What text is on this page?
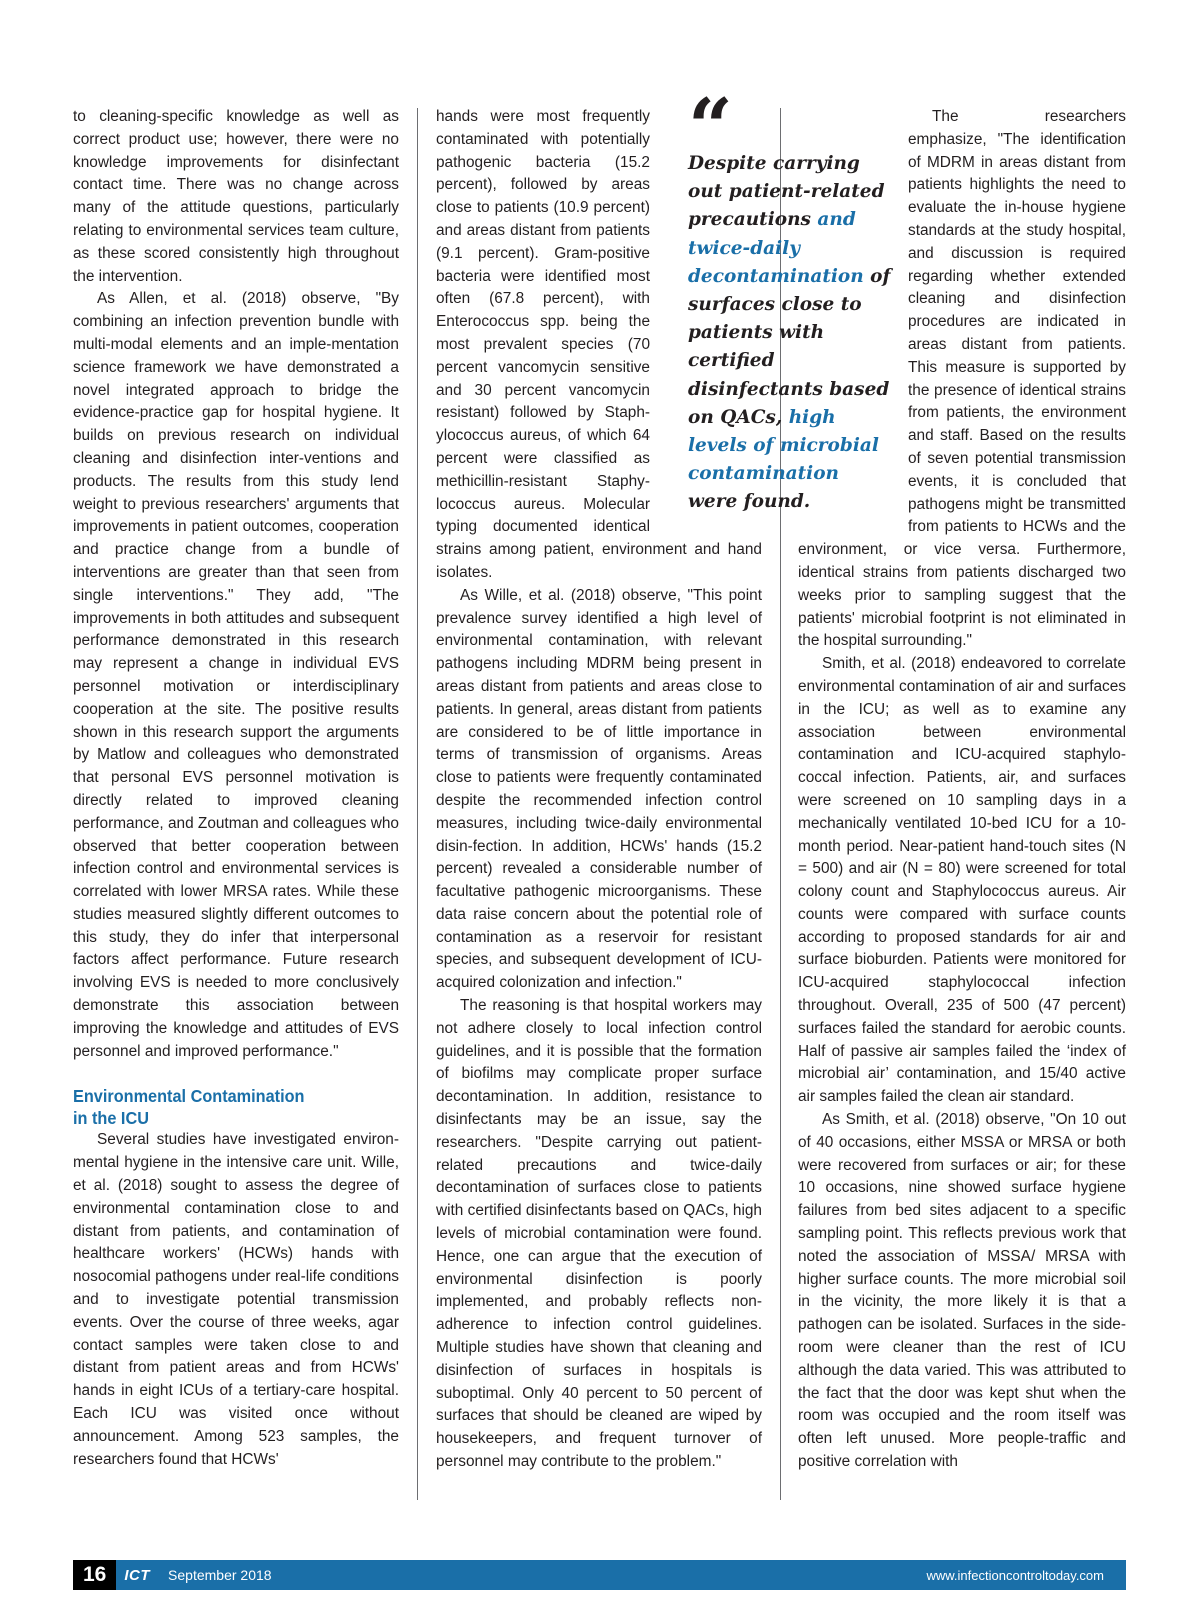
to cleaning-specific knowledge as well as correct product use; however, there were no knowledge improvements for disinfectant contact time. There was no change across many of the attitude questions, particularly relating to environmental services team culture, as these scored consistently high throughout the intervention.

As Allen, et al. (2018) observe, "By combining an infection prevention bundle with multi-modal elements and an imple-mentation science framework we have demonstrated a novel integrated approach to bridge the evidence-practice gap for hospital hygiene. It builds on previous research on individual cleaning and disinfection inter-ventions and products. The results from this study lend weight to previous researchers' arguments that improvements in patient outcomes, cooperation and practice change from a bundle of interventions are greater than that seen from single interventions." They add, "The improvements in both attitudes and subsequent performance demonstrated in this research may represent a change in individual EVS personnel motivation or interdisciplinary cooperation at the site. The positive results shown in this research support the arguments by Matlow and colleagues who demonstrated that personal EVS personnel motivation is directly related to improved cleaning performance, and Zoutman and colleagues who observed that better cooperation between infection control and environmental services is correlated with lower MRSA rates. While these studies measured slightly different outcomes to this study, they do infer that interpersonal factors affect performance. Future research involving EVS is needed to more conclusively demonstrate this association between improving the knowledge and attitudes of EVS personnel and improved performance."

Environmental Contamination
in the ICU

Several studies have investigated environ-mental hygiene in the intensive care unit. Wille, et al. (2018) sought to assess the degree of environmental contamination close to and distant from patients, and contamination of healthcare workers' (HCWs) hands with nosocomial pathogens under real-life conditions and to investigate potential transmission events. Over the course of three weeks, agar contact samples were taken close to and distant from patient areas and from HCWs' hands in eight ICUs of a tertiary-care hospital. Each ICU was visited once without announcement. Among 523 samples, the researchers found that HCWs'

hands were most frequently contaminated with potentially pathogenic bacteria (15.2 percent), followed by areas close to patients (10.9 percent) and areas distant from patients (9.1 percent). Gram-positive bacteria were identified most often (67.8 percent), with Enterococcus spp. being the most prevalent species (70 percent vancomycin sensitive and 30 percent vancomycin resistant) followed by Staph-ylococcus aureus, of which 64 percent were classified as methicillin-resistant Staphy-lococcus aureus. Molecular typing documented identical strains among patient, environment and hand isolates.

As Wille, et al. (2018) observe, "This point prevalence survey identified a high level of environmental contamination, with relevant pathogens including MDRM being present in areas distant from patients and areas close to patients. In general, areas distant from patients are considered to be of little importance in terms of transmission of organisms. Areas close to patients were frequently contaminated despite the recommended infection control measures, including twice-daily environmental disin-fection. In addition, HCWs' hands (15.2 percent) revealed a considerable number of facultative pathogenic microorganisms. These data raise concern about the potential role of contamination as a reservoir for resistant species, and subsequent development of ICU-acquired colonization and infection."

The reasoning is that hospital workers may not adhere closely to local infection control guidelines, and it is possible that the formation of biofilms may complicate proper surface decontamination. In addition, resistance to disinfectants may be an issue, say the researchers. "Despite carrying out patient-related precautions and twice-daily decontamination of surfaces close to patients with certified disinfectants based on QACs, high levels of microbial contamination were found. Hence, one can argue that the execution of environmental disinfection is poorly implemented, and probably reflects non-adherence to infection control guidelines. Multiple studies have shown that cleaning and disinfection of surfaces in hospitals is suboptimal. Only 40 percent to 50 percent of surfaces that should be cleaned are wiped by housekeepers, and frequent turnover of personnel may contribute to the problem."

The researchers emphasize, "The identification of MDRM in areas distant from patients highlights the need to evaluate the in-house hygiene standards at the study hospital, and discussion is required regarding whether extended cleaning and disinfection procedures are indicated in areas distant from patients. This measure is supported by the presence of identical strains from patients, the environment and staff. Based on the results of seven potential transmission events, it is concluded that pathogens might be transmitted from patients to HCWs and the environment, or vice versa. Furthermore, identical strains from patients discharged two weeks prior to sampling suggest that the patients' microbial footprint is not eliminated in the hospital surrounding."

Smith, et al. (2018) endeavored to correlate environmental contamination of air and surfaces in the ICU; as well as to examine any association between environmental contamination and ICU-acquired staphylo-coccal infection. Patients, air, and surfaces were screened on 10 sampling days in a mechanically ventilated 10-bed ICU for a 10-month period. Near-patient hand-touch sites (N = 500) and air (N = 80) were screened for total colony count and Staphylococcus aureus. Air counts were compared with surface counts according to proposed standards for air and surface bioburden. Patients were monitored for ICU-acquired staphylococcal infection throughout. Overall, 235 of 500 (47 percent) surfaces failed the standard for aerobic counts. Half of passive air samples failed the ‘index of microbial air’ contamination, and 15/40 active air samples failed the clean air standard.

As Smith, et al. (2018) observe, "On 10 out of 40 occasions, either MSSA or MRSA or both were recovered from surfaces or air; for these 10 occasions, nine showed surface hygiene failures from bed sites adjacent to a specific sampling point. This reflects previous work that noted the association of MSSA/ MRSA with higher surface counts. The more microbial soil in the vicinity, the more likely it is that a pathogen can be isolated. Surfaces in the side-room were cleaner than the rest of ICU although the data varied. This was attributed to the fact that the door was kept shut when the room was occupied and the room itself was often left unused. More people-traffic and positive correlation with

“
Despite carrying out patient-related precautions and twice-daily decontamination of surfaces close to patients with certified disinfectants based on QACs, high levels of microbial contamination were found.
16	ICT September 2018	www.infectioncontroltoday.com
